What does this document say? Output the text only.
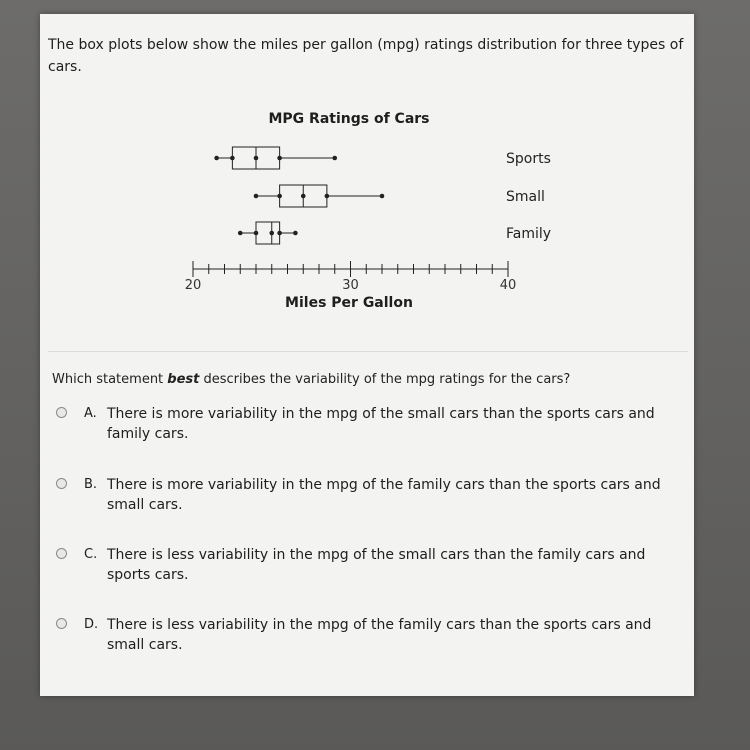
The box plots below show the miles per gallon (mpg) ratings distribution for three types of cars.
MPG Ratings of Cars
Sports
Small
Family
20	30	40
Miles Per Gallon
Which statement best describes the variability of the mpg ratings for the cars?
A. There is more variability in the mpg of the small cars than the sports cars and family cars.
B. There is more variability in the mpg of the family cars than the sports cars and small cars.
C. There is less variability in the mpg of the small cars than the family cars and sports cars.
D. There is less variability in the mpg of the family cars than the sports cars and small cars.
